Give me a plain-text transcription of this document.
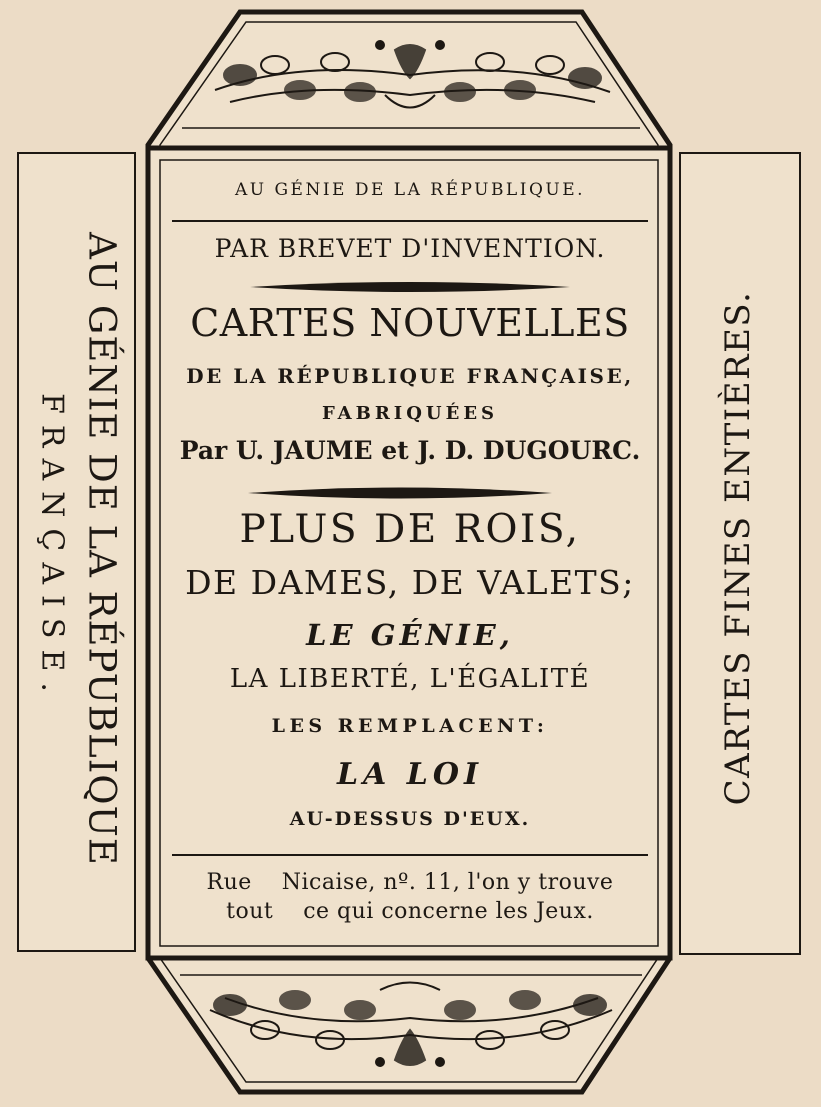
AU GÉNIE DE LA RÉPUBLIQUE
FRANÇAISE.	CARTES FINES ENTIÈRES.
AU GÉNIE DE LA RÉPUBLIQUE.
PAR BREVET D'INVENTION.
CARTES NOUVELLES
DE LA RÉPUBLIQUE FRANÇAISE,
FABRIQUÉES
Par U. JAUME et J. D. DUGOURC.
PLUS DE ROIS,
DE DAMES, DE VALETS;
LE GÉNIE,
LA LIBERTÉ, L'ÉGALITÉ
LES REMPLACENT:
LA LOI
AU-DESSUS D'EUX.
Rue    Nicaise, nº. 11, l'on y trouve
tout    ce qui concerne les Jeux.
